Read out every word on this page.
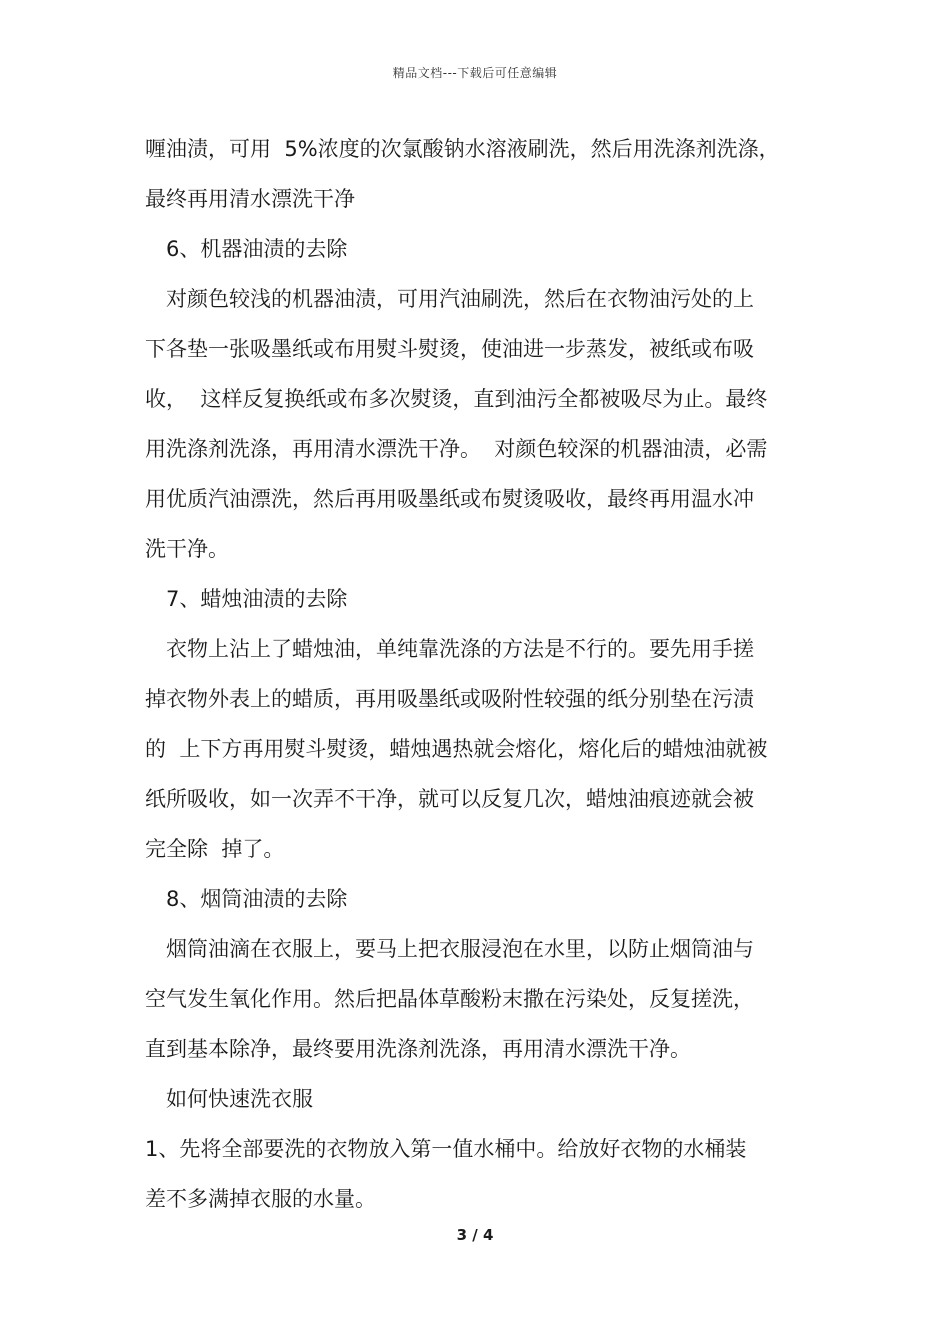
精品文档---下载后可任意编辑
喱油渍，可用  5%浓度的次氯酸钠水溶液刷洗，然后用洗涤剂洗涤，
最终再用清水漂洗干净
6、机器油渍的去除
对颜色较浅的机器油渍，可用汽油刷洗，然后在衣物油污处的上
下各垫一张吸墨纸或布用熨斗熨烫，使油进一步蒸发，被纸或布吸
收，  这样反复换纸或布多次熨烫，直到油污全都被吸尽为止。最终
用洗涤剂洗涤，再用清水漂洗干净。  对颜色较深的机器油渍，必需
用优质汽油漂洗，然后再用吸墨纸或布熨烫吸收，最终再用温水冲
洗干净。
7、蜡烛油渍的去除
衣物上沾上了蜡烛油，单纯靠洗涤的方法是不行的。要先用手搓
掉衣物外表上的蜡质，再用吸墨纸或吸附性较强的纸分别垫在污渍
的  上下方再用熨斗熨烫，蜡烛遇热就会熔化，熔化后的蜡烛油就被
纸所吸收，如一次弄不干净，就可以反复几次，蜡烛油痕迹就会被
完全除  掉了。
8、烟筒油渍的去除
烟筒油滴在衣服上，要马上把衣服浸泡在水里，以防止烟筒油与
空气发生氧化作用。然后把晶体草酸粉末撒在污染处，反复搓洗，
直到基本除净，最终要用洗涤剂洗涤，再用清水漂洗干净。
如何快速洗衣服
1、先将全部要洗的衣物放入第一值水桶中。给放好衣物的水桶装
差不多满掉衣服的水量。
3 / 4
